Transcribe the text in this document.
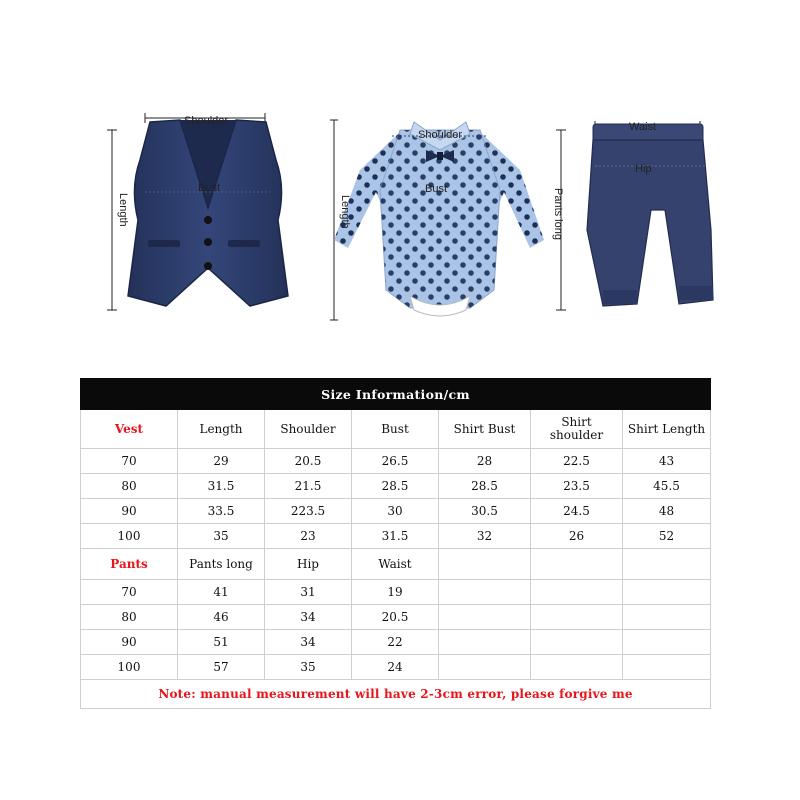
Shoulder
Bust
Length
Shoulder
Bust
Length
Waist
Hip
Pants long
Size Information/cm						
Vest	Length	Shoulder	Bust	Shirt Bust	Shirt shoulder	Shirt Length
70	29	20.5	26.5	28	22.5	43
80	31.5	21.5	28.5	28.5	23.5	45.5
90	33.5	223.5	30	30.5	24.5	48
100	35	23	31.5	32	26	52
Pants	Pants long	Hip	Waist			
70	41	31	19			
80	46	34	20.5			
90	51	34	22			
100	57	35	24			
Note: manual measurement will have 2-3cm error, please forgive me						
